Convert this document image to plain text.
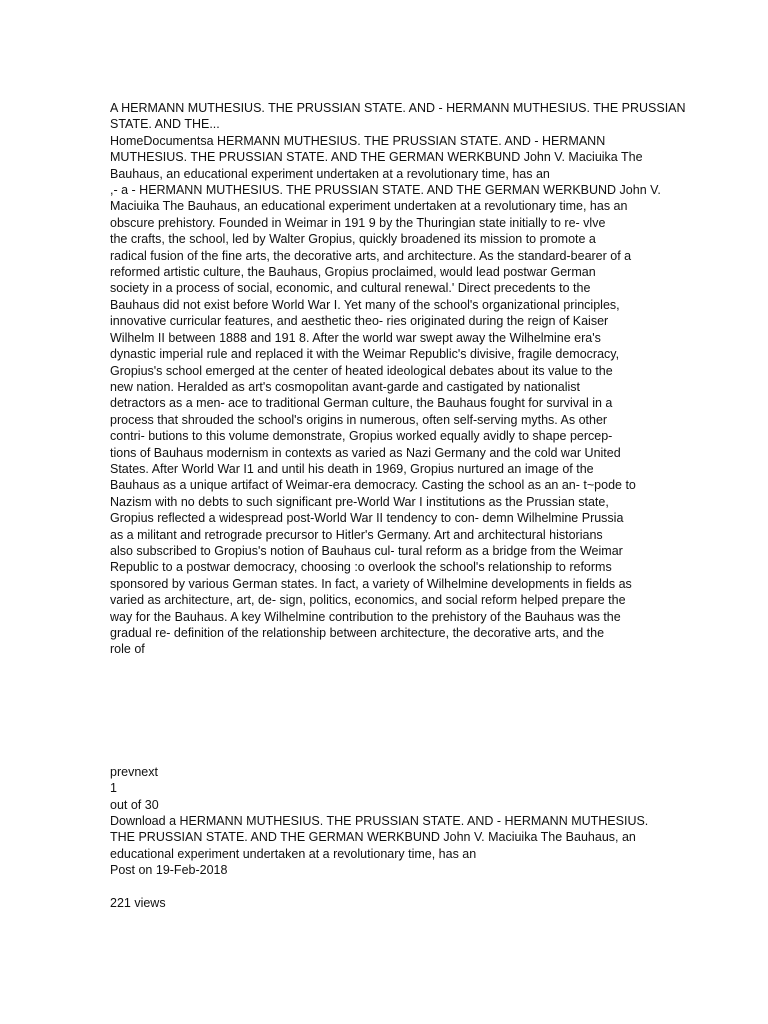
A HERMANN MUTHESIUS. THE PRUSSIAN STATE. AND - HERMANN MUTHESIUS. THE PRUSSIAN
STATE. AND THE...
HomeDocumentsa HERMANN MUTHESIUS. THE PRUSSIAN STATE. AND - HERMANN
MUTHESIUS. THE PRUSSIAN STATE. AND THE GERMAN WERKBUND John V. Maciuika The
Bauhaus, an educational experiment undertaken at a revolutionary time, has an
,- a - HERMANN MUTHESIUS. THE PRUSSIAN STATE. AND THE GERMAN WERKBUND John V.
Maciuika The Bauhaus, an educational experiment undertaken at a revolutionary time, has an
obscure prehistory. Founded in Weimar in 191 9 by the Thuringian state initially to re- vlve
the crafts, the school, led by Walter Gropius, quickly broadened its mission to promote a
radical fusion of the fine arts, the decorative arts, and architecture. As the standard-bearer of a
reformed artistic culture, the Bauhaus, Gropius proclaimed, would lead postwar German
society in a process of social, economic, and cultural renewal.' Direct precedents to the
Bauhaus did not exist before World War I. Yet many of the school's organizational principles,
innovative curricular features, and aesthetic theo- ries originated during the reign of Kaiser
Wilhelm II between 1888 and 191 8. After the world war swept away the Wilhelmine era's
dynastic imperial rule and replaced it with the Weimar Republic's divisive, fragile democracy,
Gropius's school emerged at the center of heated ideological debates about its value to the
new nation. Heralded as art's cosmopolitan avant-garde and castigated by nationalist
detractors as a men- ace to traditional German culture, the Bauhaus fought for survival in a
process that shrouded the school's origins in numerous, often self-serving myths. As other
contri- butions to this volume demonstrate, Gropius worked equally avidly to shape percep-
tions of Bauhaus modernism in contexts as varied as Nazi Germany and the cold war United
States. After World War I1 and until his death in 1969, Gropius nurtured an image of the
Bauhaus as a unique artifact of Weimar-era democracy. Casting the school as an an- t~pode to
Nazism with no debts to such significant pre-World War I institutions as the Prussian state,
Gropius reflected a widespread post-World War II tendency to con- demn Wilhelmine Prussia
as a militant and retrograde precursor to Hitler's Germany. Art and architectural historians
also subscribed to Gropius's notion of Bauhaus cul- tural reform as a bridge from the Weimar
Republic to a postwar democracy, choosing :o overlook the school's relationship to reforms
sponsored by various German states. In fact, a variety of Wilhelmine developments in fields as
varied as architecture, art, de- sign, politics, economics, and social reform helped prepare the
way for the Bauhaus. A key Wilhelmine contribution to the prehistory of the Bauhaus was the
gradual re- definition of the relationship between architecture, the decorative arts, and the
role of
prevnext
1
out of 30
Download a HERMANN MUTHESIUS. THE PRUSSIAN STATE. AND - HERMANN MUTHESIUS.
THE PRUSSIAN STATE. AND THE GERMAN WERKBUND John V. Maciuika The Bauhaus, an
educational experiment undertaken at a revolutionary time, has an
Post on 19-Feb-2018
221 views
